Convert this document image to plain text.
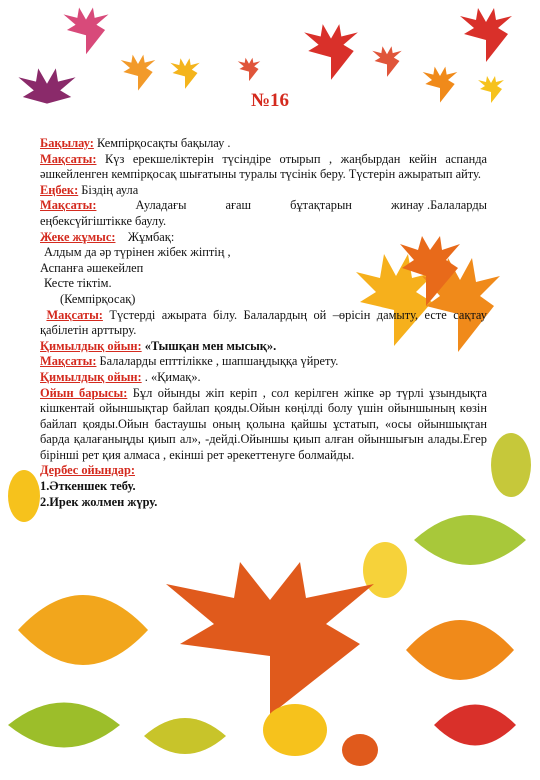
№16

Бақылау: Кемпірқосақты бақылау .

Мақсаты: Күз ерекшеліктерін түсіндіре отырып , жаңбырдан кейін аспанда әшкейленген кемпірқосақ шығатыны туралы түсінік беру. Түстерін ажыратып айту.

Еңбек: Біздің аула

Мақсаты:	Ауладағы	ағаш	бұтақтарын	жинау .Балаларды

еңбексүйгіштікке баулу.

Жеке жұмыс: Жұмбақ:

Алдым да әр түрінен жібек жіптің ,

Аспанға әшекейлеп

Кесте тіктім.

(Кемпірқосақ)

Мақсаты: Түстерді ажырата білу. Балалардың ой –өрісін дамыту, есте сақтау қабілетін арттыру.

Қимылдық ойын: «Тышқан мен мысық».

Мақсаты: Балаларды епттілікке , шапшаңдыққа үйрету.

Қимылдық ойын: . «Қимақ».

Ойын барысы: Бұл ойынды жіп керіп , сол керілген жіпке әр түрлі ұзындықта кішкентай ойыншықтар байлап қояды.Ойын көңілді болу үшін ойыншының көзін байлап қояды.Ойын бастаушы оның қолына қайшы ұстатып, «осы ойыншықтан барда қалағаныңды қиып ал», -дейді.Ойыншы қиып алған ойыншығын алады.Егер бірінші рет қия алмаса , екінші рет әрекеттенуге болмайды.

Дербес ойындар:

1.Әткеншек тебу.

2.Ирек жолмен жүру.
